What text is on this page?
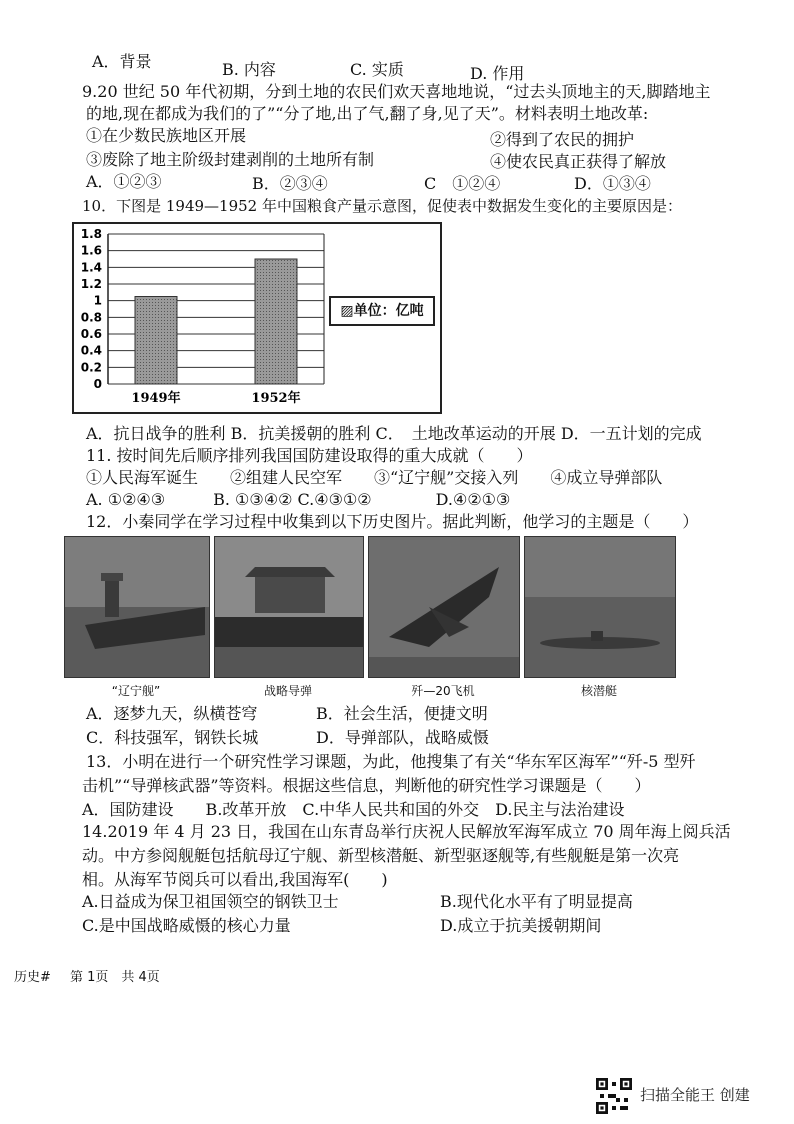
A．背景	B. 内容	C. 实质	D. 作用
9.20 世纪 50 年代初期，分到土地的农民们欢天喜地地说，“过去头顶地主的天,脚踏地主
的地,现在都成为我们的了”“分了地,出了气,翻了身,见了天”。材料表明土地改革:
①在少数民族地区开展	②得到了农民的拥护
③废除了地主阶级封建剥削的土地所有制	④使农民真正获得了解放
A．①②③	B．②③④	C　①②④	D．①③④
10．下图是 1949—1952 年中国粮食产量示意图，促使表中数据发生变化的主要原因是：
0
0.2
0.4
0.6
0.8
1
1.2
1.4
1.6
1.8
1949年	1952年
▨单位：亿吨
A．抗日战争的胜利 B．抗美援朝的胜利 C．　土地改革运动的开展 D．一五计划的完成
11. 按时间先后顺序排列我国国防建设取得的重大成就（　　）
①人民海军诞生　　②组建人民空军　　③“辽宁舰”交接入列　　④成立导弹部队
A. ①②④③　　　B. ①③④② C.④③①②　　　　D.④②①③
12．小秦同学在学习过程中收集到以下历史图片。据此判断，他学习的主题是（　　）
“辽宁舰”	战略导弹	歼—20飞机	核潜艇
A．逐梦九天，纵横苍穹	B．社会生活，便捷文明
C．科技强军，钢铁长城	D．导弹部队，战略威慑
13．小明在进行一个研究性学习课题，为此，他搜集了有关“华东军区海军”“歼-5 型歼
击机”“导弹核武器”等资料。根据这些信息，判断他的研究性学习课题是（　　）
A．国防建设　　B.改革开放　C.中华人民共和国的外交　D.民主与法治建设
14.2019 年 4 月 23 日，我国在山东青岛举行庆祝人民解放军海军成立 70 周年海上阅兵活
动。中方参阅舰艇包括航母辽宁舰、新型核潜艇、新型驱逐舰等,有些舰艇是第一次亮
相。从海军节阅兵可以看出,我国海军(　　)
A.日益成为保卫祖国领空的钢铁卫士	B.现代化水平有了明显提高
C.是中国战略威慑的核心力量	D.成立于抗美援朝期间
历史# 第 1页　共 4页
扫描全能王 创建
